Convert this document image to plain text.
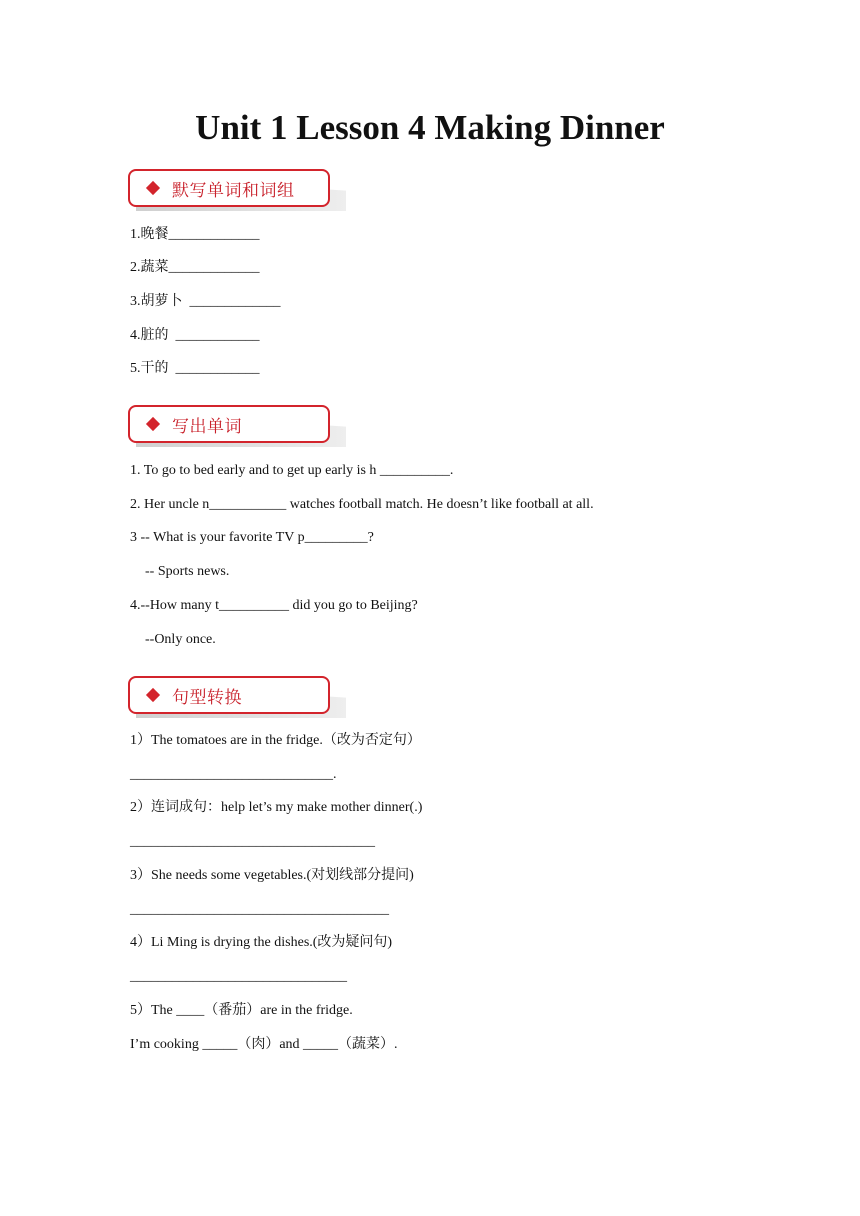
Unit 1 Lesson 4 Making Dinner
默写单词和词组
1.晚餐_____________
2.蔬菜_____________
3.胡萝卜  _____________
4.脏的  ____________
5.干的  ____________
写出单词
1. To go to bed early and to get up early is h __________.
2. Her uncle n___________ watches football match. He doesn’t like football at all.
3 -- What is your favorite TV p_________?
-- Sports news.
4.--How many t__________ did you go to Beijing?
--Only once.
句型转换
1）The tomatoes are in the fridge.（改为否定句）
_____________________________.
2）连词成句：help let’s my make mother dinner(.)
___________________________________
3）She needs some vegetables.(对划线部分提问)
_____________________________________
4）Li Ming is drying the dishes.(改为疑问句)
_______________________________
5）The ____（番茄）are in the fridge.
I’m cooking _____（肉）and _____（蔬菜）.
